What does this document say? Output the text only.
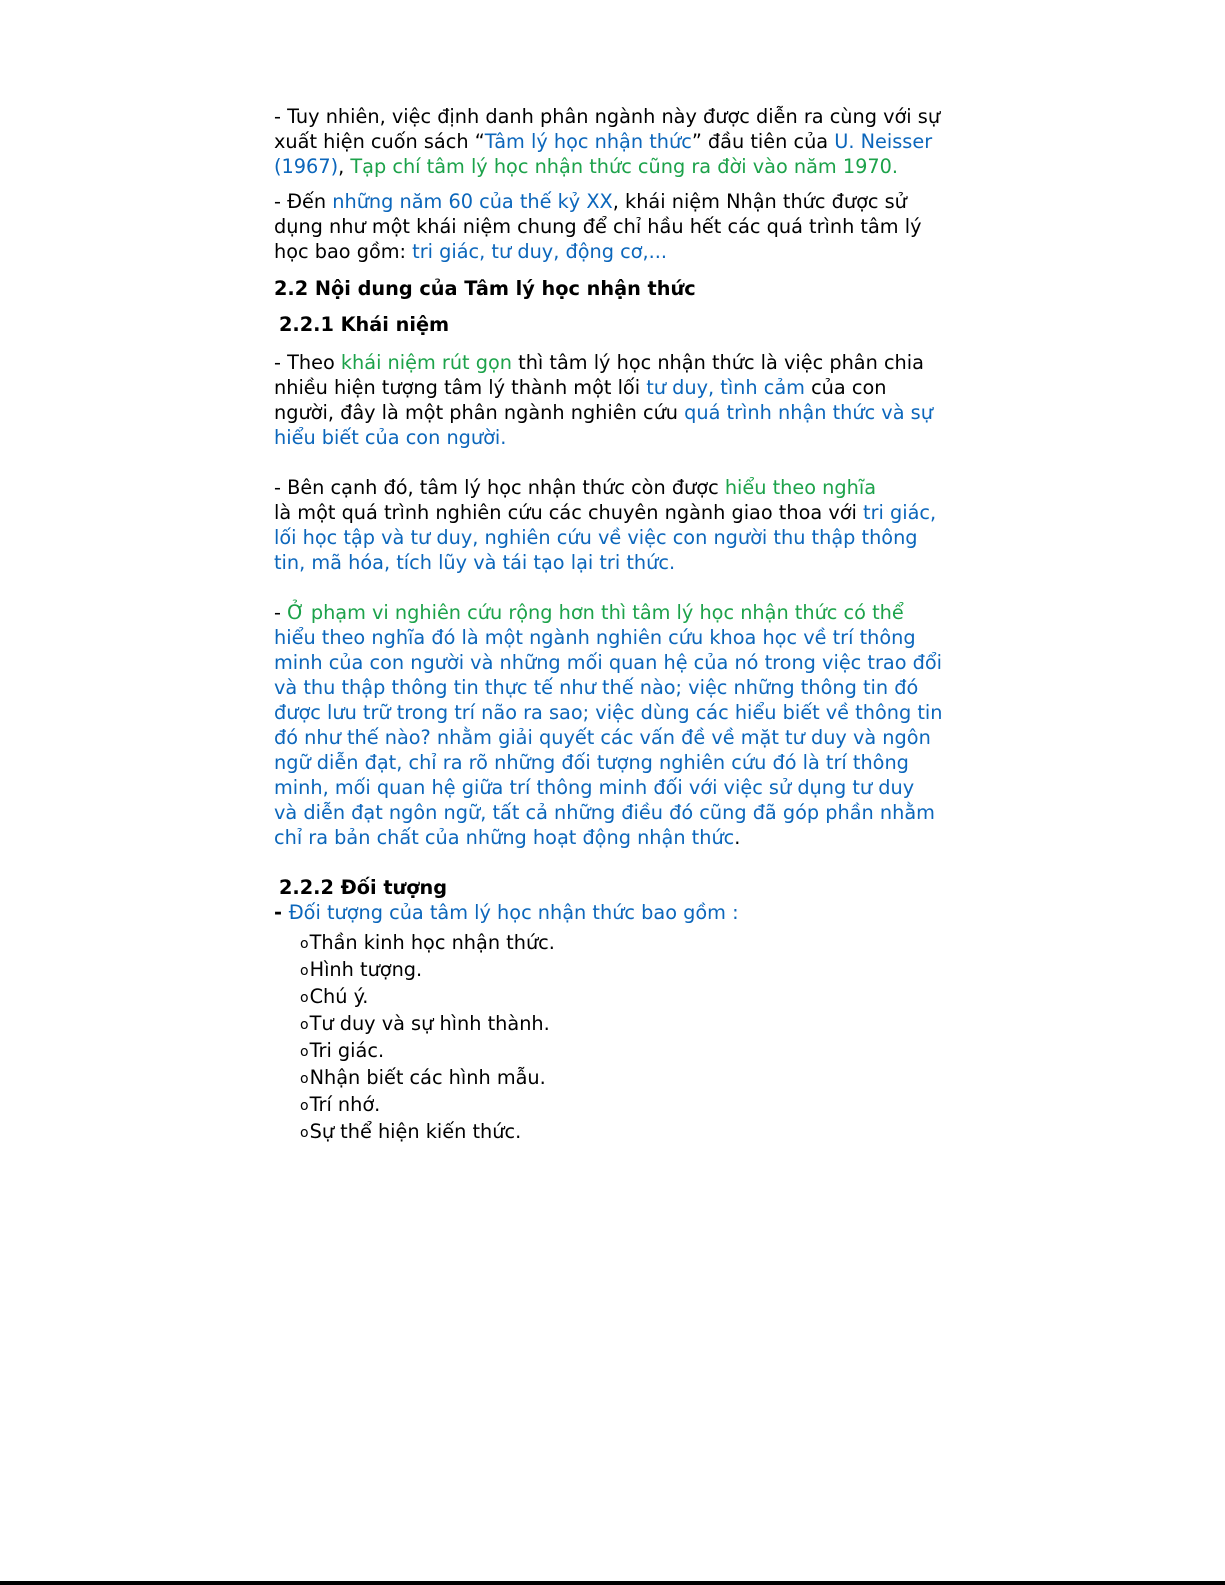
- Tuy nhiên, việc định danh phân ngành này được diễn ra cùng với sự
xuất hiện cuốn sách “Tâm lý học nhận thức” đầu tiên của U. Neisser
(1967), Tạp chí tâm lý học nhận thức cũng ra đời vào năm 1970.
- Đến những năm 60 của thế kỷ XX, khái niệm Nhận thức được sử
dụng như một khái niệm chung để chỉ hầu hết các quá trình tâm lý
học bao gồm: tri giác, tư duy, động cơ,...
2.2 Nội dung của Tâm lý học nhận thức
2.2.1 Khái niệm
- Theo khái niệm rút gọn thì tâm lý học nhận thức là việc phân chia
nhiều hiện tượng tâm lý thành một lối tư duy, tình cảm của con
người, đây là một phân ngành nghiên cứu quá trình nhận thức và sự
hiểu biết của con người.
- Bên cạnh đó, tâm lý học nhận thức còn được hiểu theo nghĩa
là một quá trình nghiên cứu các chuyên ngành giao thoa với tri giác,
lối học tập và tư duy, nghiên cứu về việc con người thu thập thông
tin, mã hóa, tích lũy và tái tạo lại tri thức.
- Ở phạm vi nghiên cứu rộng hơn thì tâm lý học nhận thức có thể
hiểu theo nghĩa đó là một ngành nghiên cứu khoa học về trí thông
minh của con người và những mối quan hệ của nó trong việc trao đổi
và thu thập thông tin thực tế như thế nào; việc những thông tin đó
được lưu trữ trong trí não ra sao; việc dùng các hiểu biết về thông tin
đó như thế nào? nhằm giải quyết các vấn đề về mặt tư duy và ngôn
ngữ diễn đạt, chỉ ra rõ những đối tượng nghiên cứu đó là trí thông
minh, mối quan hệ giữa trí thông minh đối với việc sử dụng tư duy
và diễn đạt ngôn ngữ, tất cả những điều đó cũng đã góp phần nhằm
chỉ ra bản chất của những hoạt động nhận thức.
2.2.2 Đối tượng
- Đối tượng của tâm lý học nhận thức bao gồm :
oThần kinh học nhận thức.
oHình tượng.
oChú ý.
oTư duy và sự hình thành.
oTri giác.
oNhận biết các hình mẫu.
oTrí nhớ.
oSự thể hiện kiến thức.
